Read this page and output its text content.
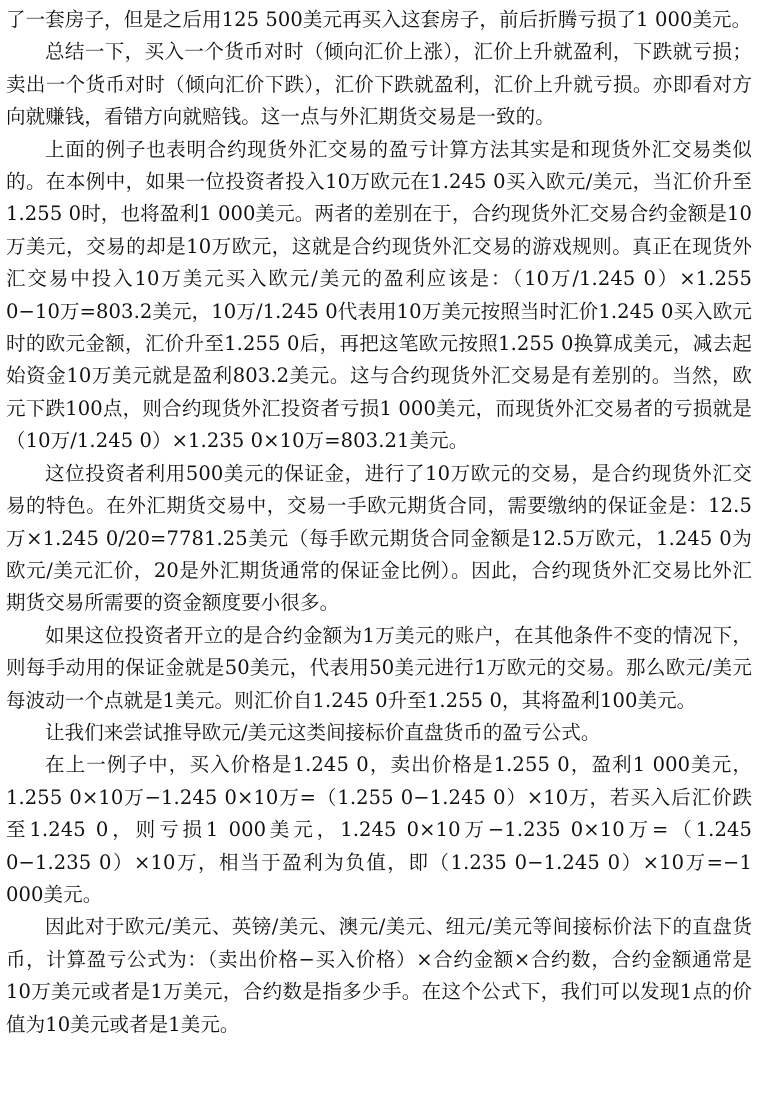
了一套房子，但是之后用125 500美元再买入这套房子，前后折腾亏损了1 000美元。

总结一下，买入一个货币对时（倾向汇价上涨），汇价上升就盈利，下跌就亏损；卖出一个货币对时（倾向汇价下跌），汇价下跌就盈利，汇价上升就亏损。亦即看对方向就赚钱，看错方向就赔钱。这一点与外汇期货交易是一致的。

上面的例子也表明合约现货外汇交易的盈亏计算方法其实是和现货外汇交易类似的。在本例中，如果一位投资者投入10万欧元在1.245 0买入欧元/美元，当汇价升至1.255 0时，也将盈利1 000美元。两者的差别在于，合约现货外汇交易合约金额是10万美元，交易的却是10万欧元，这就是合约现货外汇交易的游戏规则。真正在现货外汇交易中投入10万美元买入欧元/美元的盈利应该是：（10万/1.245 0）×1.255 0−10万=803.2美元，10万/1.245 0代表用10万美元按照当时汇价1.245 0买入欧元时的欧元金额，汇价升至1.255 0后，再把这笔欧元按照1.255 0换算成美元，减去起始资金10万美元就是盈利803.2美元。这与合约现货外汇交易是有差别的。当然，欧元下跌100点，则合约现货外汇投资者亏损1 000美元，而现货外汇交易者的亏损就是（10万/1.245 0）×1.235 0×10万=803.21美元。

这位投资者利用500美元的保证金，进行了10万欧元的交易，是合约现货外汇交易的特色。在外汇期货交易中，交易一手欧元期货合同，需要缴纳的保证金是：12.5万×1.245 0/20=7781.25美元（每手欧元期货合同金额是12.5万欧元，1.245 0为欧元/美元汇价，20是外汇期货通常的保证金比例）。因此，合约现货外汇交易比外汇期货交易所需要的资金额度要小很多。

如果这位投资者开立的是合约金额为1万美元的账户，在其他条件不变的情况下，则每手动用的保证金就是50美元，代表用50美元进行1万欧元的交易。那么欧元/美元每波动一个点就是1美元。则汇价自1.245 0升至1.255 0，其将盈利100美元。

让我们来尝试推导欧元/美元这类间接标价直盘货币的盈亏公式。

在上一例子中，买入价格是1.245 0，卖出价格是1.255 0，盈利1 000美元，1.255 0×10万−1.245 0×10万=（1.255 0−1.245 0）×10万，若买入后汇价跌至1.245 0，则亏损1 000美元，1.245 0×10万−1.235 0×10万=（1.245 0−1.235 0）×10万，相当于盈利为负值，即（1.235 0−1.245 0）×10万=−1 000美元。

因此对于欧元/美元、英镑/美元、澳元/美元、纽元/美元等间接标价法下的直盘货币，计算盈亏公式为：（卖出价格−买入价格）×合约金额×合约数，合约金额通常是10万美元或者是1万美元，合约数是指多少手。在这个公式下，我们可以发现1点的价值为10美元或者是1美元。
